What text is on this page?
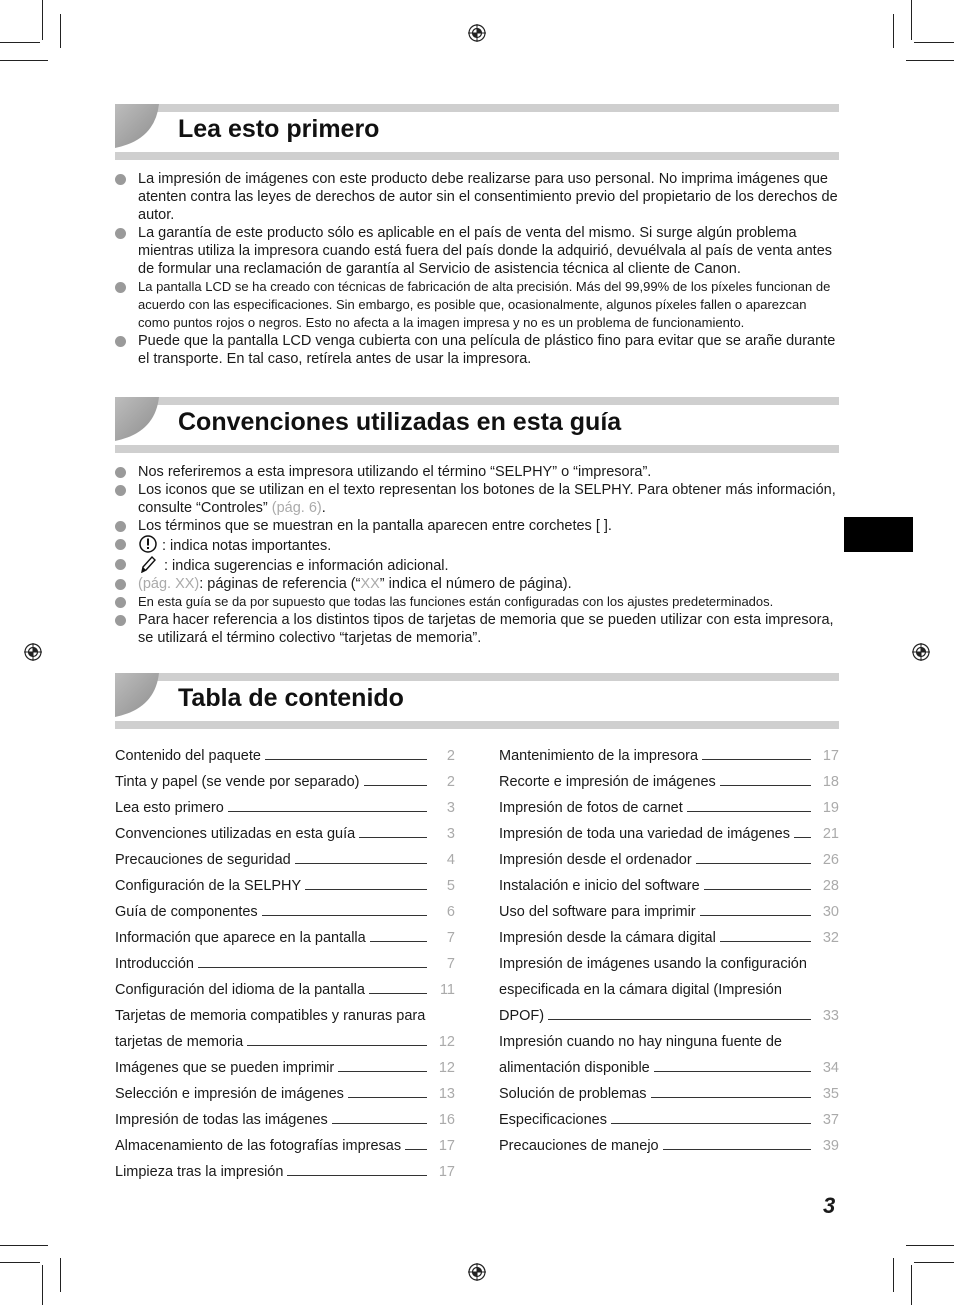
Lea esto primero
La impresión de imágenes con este producto debe realizarse para uso personal. No imprima imágenes que atenten contra las leyes de derechos de autor sin el consentimiento previo del propietario de los derechos de autor.
La garantía de este producto sólo es aplicable en el país de venta del mismo. Si surge algún problema mientras utiliza la impresora cuando está fuera del país donde la adquirió, devuélvala al país de venta antes de formular una reclamación de garantía al Servicio de asistencia técnica al cliente de Canon.
La pantalla LCD se ha creado con técnicas de fabricación de alta precisión. Más del 99,99% de los píxeles funcionan de acuerdo con las especificaciones. Sin embargo, es posible que, ocasionalmente, algunos píxeles fallen o aparezcan como puntos rojos o negros. Esto no afecta a la imagen impresa y no es un problema de funcionamiento.
Puede que la pantalla LCD venga cubierta con una película de plástico fino para evitar que se arañe durante el transporte. En tal caso, retírela antes de usar la impresora.
Convenciones utilizadas en esta guía
Nos referiremos a esta impresora utilizando el término “SELPHY” o “impresora”.
Los iconos que se utilizan en el texto representan los botones de la SELPHY. Para obtener más información, consulte “Controles” (pág. 6).
Los términos que se muestran en la pantalla aparecen entre corchetes [ ].
: indica notas importantes.
: indica sugerencias e información adicional.
(pág. XX): páginas de referencia (“XX” indica el número de página).
En esta guía se da por supuesto que todas las funciones están configuradas con los ajustes predeterminados.
Para hacer referencia a los distintos tipos de tarjetas de memoria que se pueden utilizar con esta impresora, se utilizará el término colectivo “tarjetas de memoria”.
Tabla de contenido
Contenido del paquete	2
Tinta y papel (se vende por separado)	2
Lea esto primero	3
Convenciones utilizadas en esta guía	3
Precauciones de seguridad	4
Configuración de la SELPHY	5
Guía de componentes	6
Información que aparece en la pantalla	7
Introducción	7
Configuración del idioma de la pantalla	11
Tarjetas de memoria compatibles y ranuras para
tarjetas de memoria	12
Imágenes que se pueden imprimir	12
Selección e impresión de imágenes	13
Impresión de todas las imágenes	16
Almacenamiento de las fotografías impresas	17
Limpieza tras la impresión	17
Mantenimiento de la impresora	17
Recorte e impresión de imágenes	18
Impresión de fotos de carnet	19
Impresión de toda una variedad de imágenes	21
Impresión desde el ordenador	26
Instalación e inicio del software	28
Uso del software para imprimir	30
Impresión desde la cámara digital	32
Impresión de imágenes usando la configuración
especificada en la cámara digital (Impresión
DPOF)	33
Impresión cuando no hay ninguna fuente de
alimentación disponible	34
Solución de problemas	35
Especificaciones	37
Precauciones de manejo	39
3
